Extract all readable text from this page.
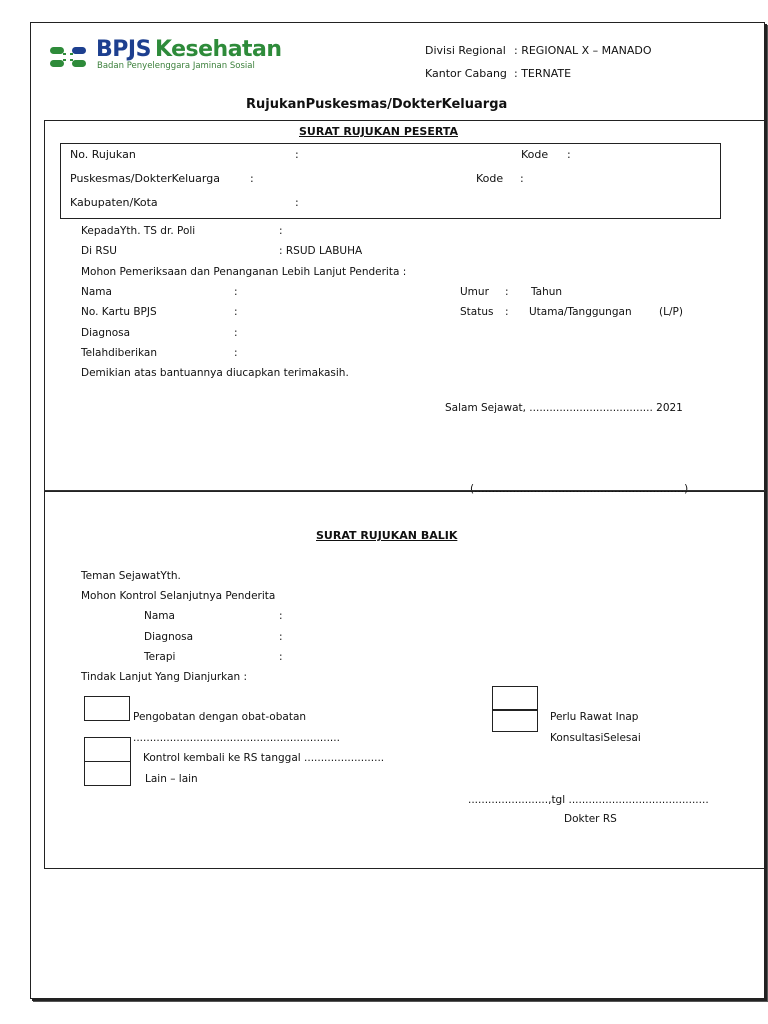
BPJS Kesehatan
Badan Penyelenggara Jaminan Sosial
Divisi Regional : REGIONAL X – MANADO
Kantor Cabang : TERNATE
RujukanPuskesmas/DokterKeluarga
SURAT RUJUKAN PESERTA
No. Rujukan	:	Kode :
Puskesmas/DokterKeluarga	:	Kode :
Kabupaten/Kota	:
KepadaYth. TS dr. Poli	:
Di RSU	: RSUD LABUHA
Mohon Pemeriksaan dan Penanganan Lebih Lanjut Penderita :
Nama	:	Umur : Tahun
No. Kartu BPJS	:	Status : Utama/Tanggungan	(L/P)
Diagnosa	:
Telahdiberikan	:
Demikian atas bantuannya diucapkan terimakasih.
Salam Sejawat, ..................................... 2021
(……………………………………………………)
SURAT RUJUKAN BALIK
Teman SejawatYth.
Mohon Kontrol Selanjutnya Penderita
Nama	:
Diagnosa	:
Terapi	:
Tindak Lanjut Yang Dianjurkan :
Pengobatan dengan obat-obatan
..............................................................
Kontrol kembali ke RS tanggal ........................
Lain – lain
Perlu Rawat Inap
KonsultasiSelesai
........................,tgl ..........................................
Dokter RS
